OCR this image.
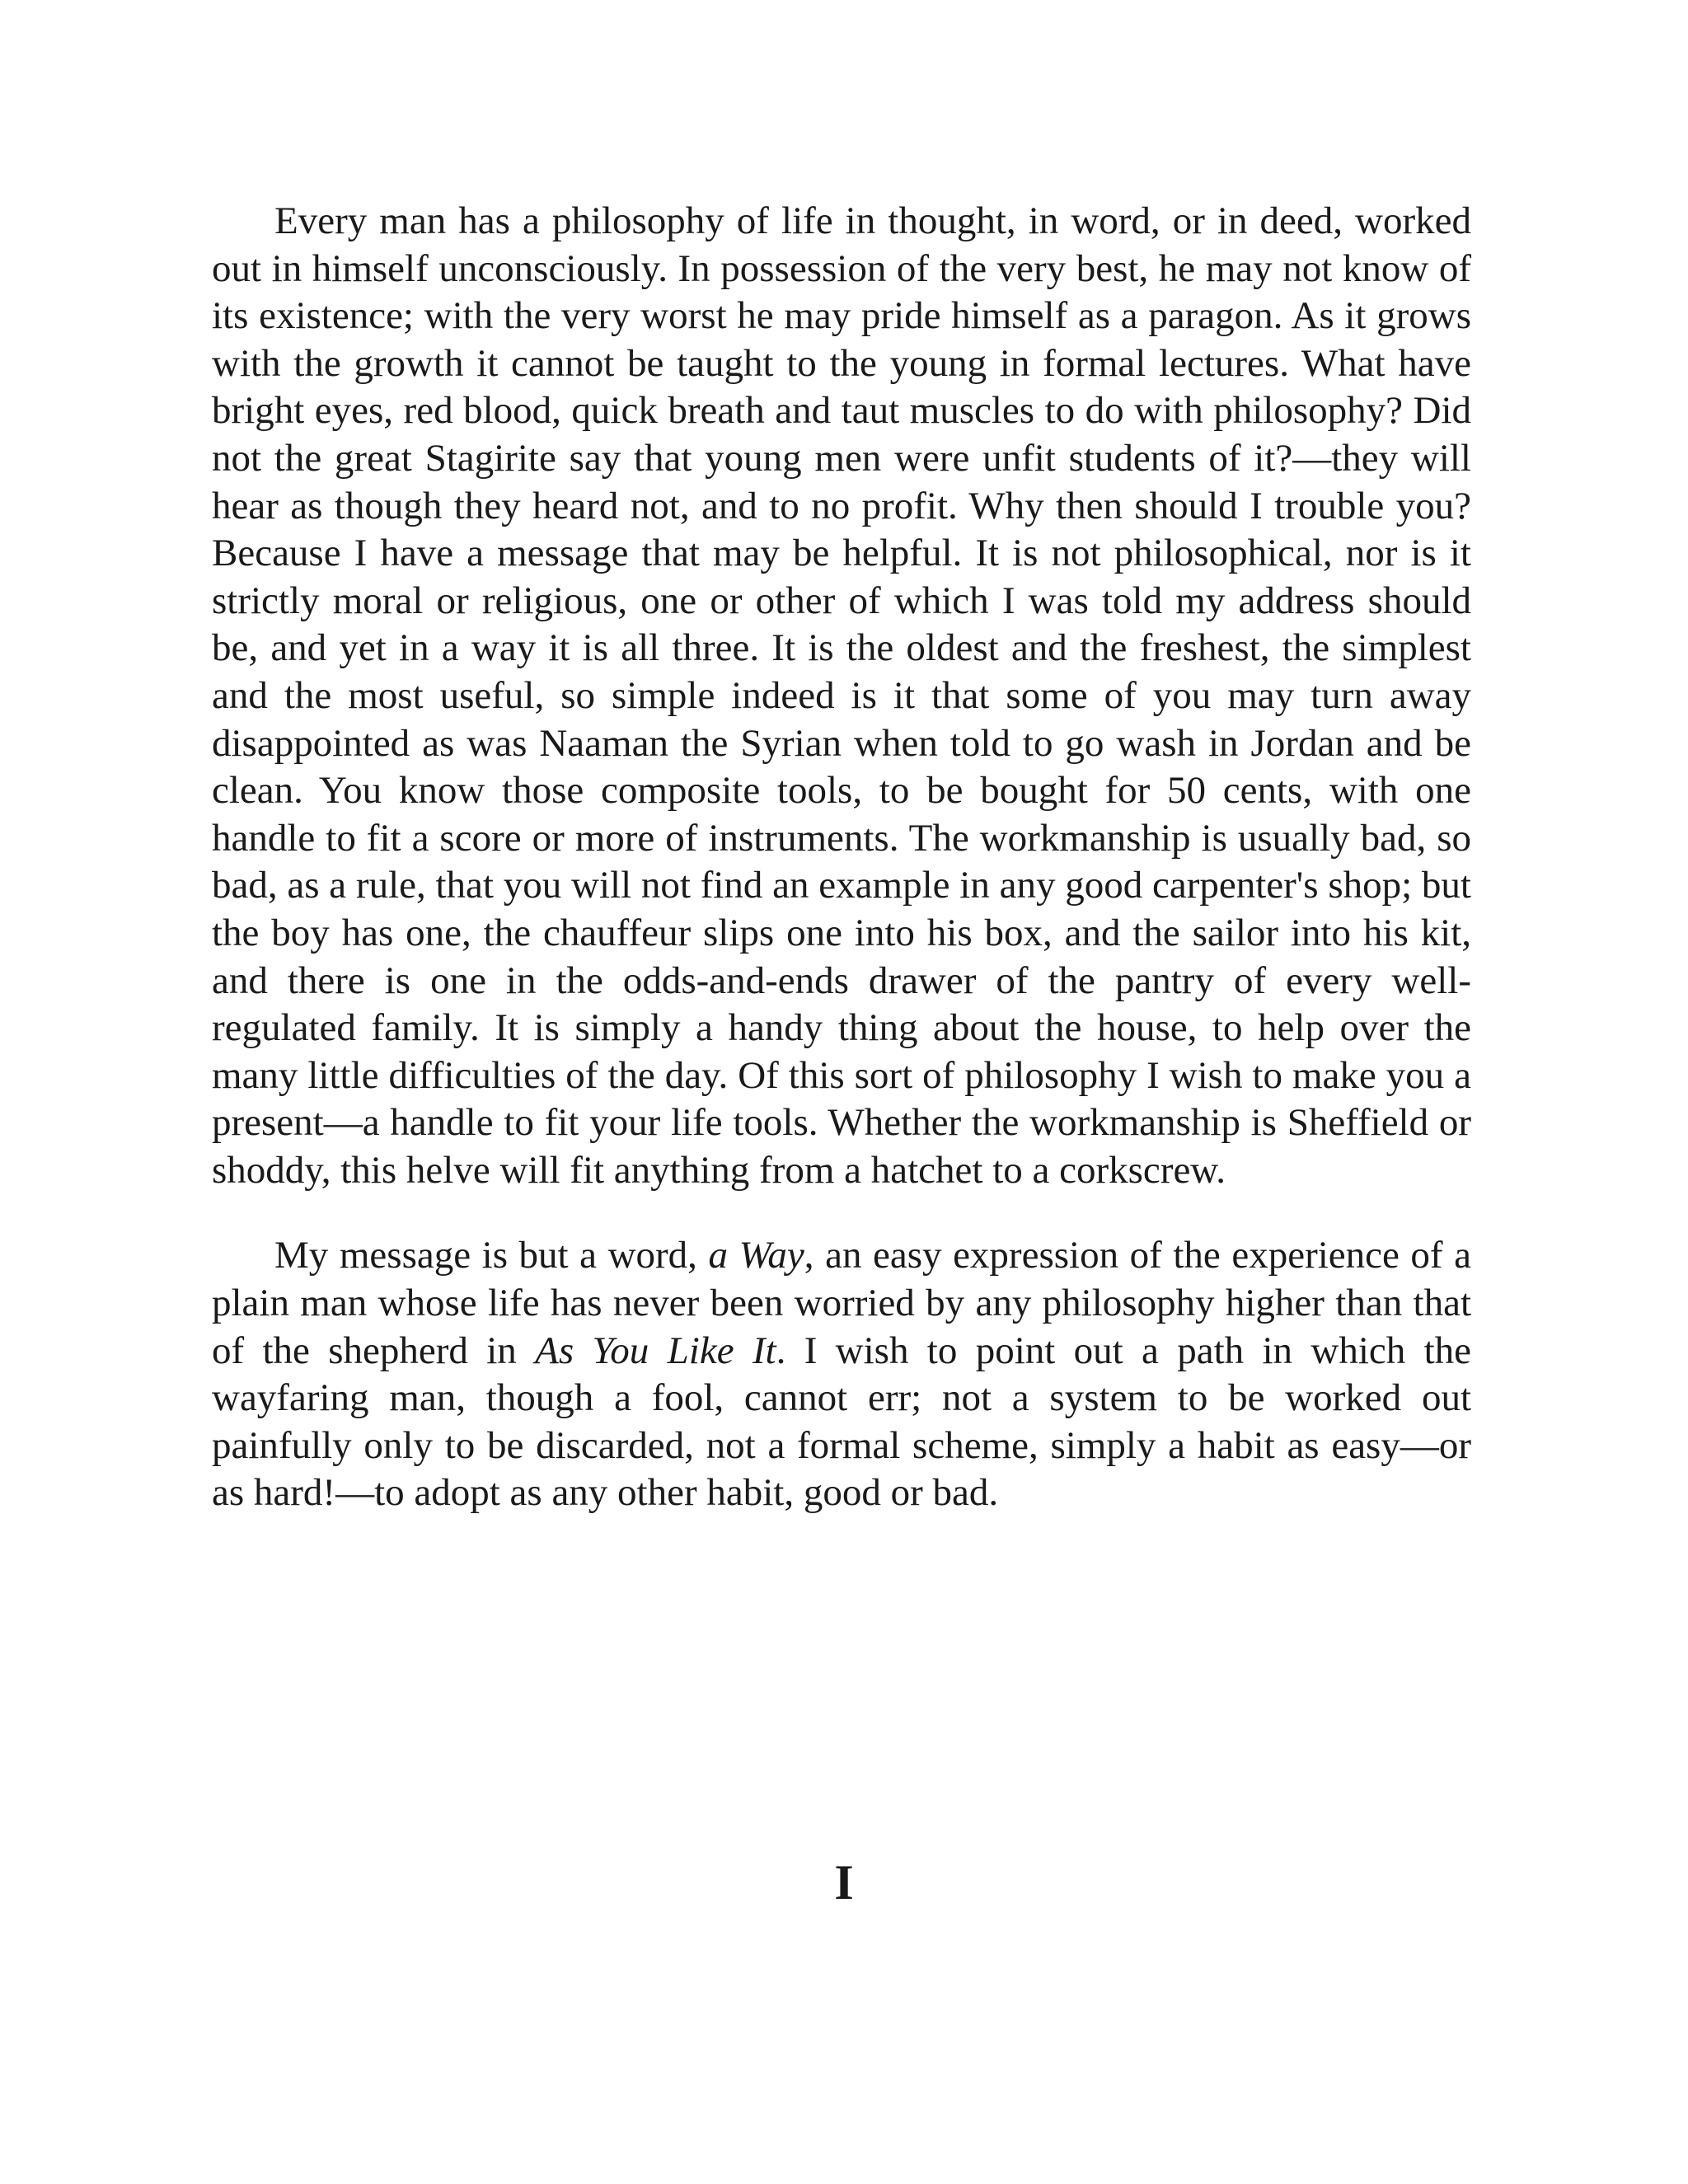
Every man has a philosophy of life in thought, in word, or in deed, worked out in himself unconsciously. In possession of the very best, he may not know of its existence; with the very worst he may pride himself as a paragon. As it grows with the growth it cannot be taught to the young in formal lectures. What have bright eyes, red blood, quick breath and taut muscles to do with philosophy? Did not the great Stagirite say that young men were unfit students of it?—they will hear as though they heard not, and to no profit. Why then should I trouble you? Because I have a message that may be helpful. It is not philosophical, nor is it strictly moral or religious, one or other of which I was told my address should be, and yet in a way it is all three. It is the oldest and the freshest, the simplest and the most useful, so simple indeed is it that some of you may turn away disappointed as was Naaman the Syrian when told to go wash in Jordan and be clean. You know those composite tools, to be bought for 50 cents, with one handle to fit a score or more of instruments. The workmanship is usually bad, so bad, as a rule, that you will not find an example in any good carpenter's shop; but the boy has one, the chauffeur slips one into his box, and the sailor into his kit, and there is one in the odds-and-ends drawer of the pantry of every well-regulated family. It is simply a handy thing about the house, to help over the many little difficulties of the day. Of this sort of philosophy I wish to make you a present—a handle to fit your life tools. Whether the workmanship is Sheffield or shoddy, this helve will fit anything from a hatchet to a corkscrew.

My message is but a word, a Way, an easy expression of the experience of a plain man whose life has never been worried by any philosophy higher than that of the shepherd in As You Like It. I wish to point out a path in which the wayfaring man, though a fool, cannot err; not a system to be worked out painfully only to be discarded, not a formal scheme, simply a habit as easy—or as hard!—to adopt as any other habit, good or bad.

I
